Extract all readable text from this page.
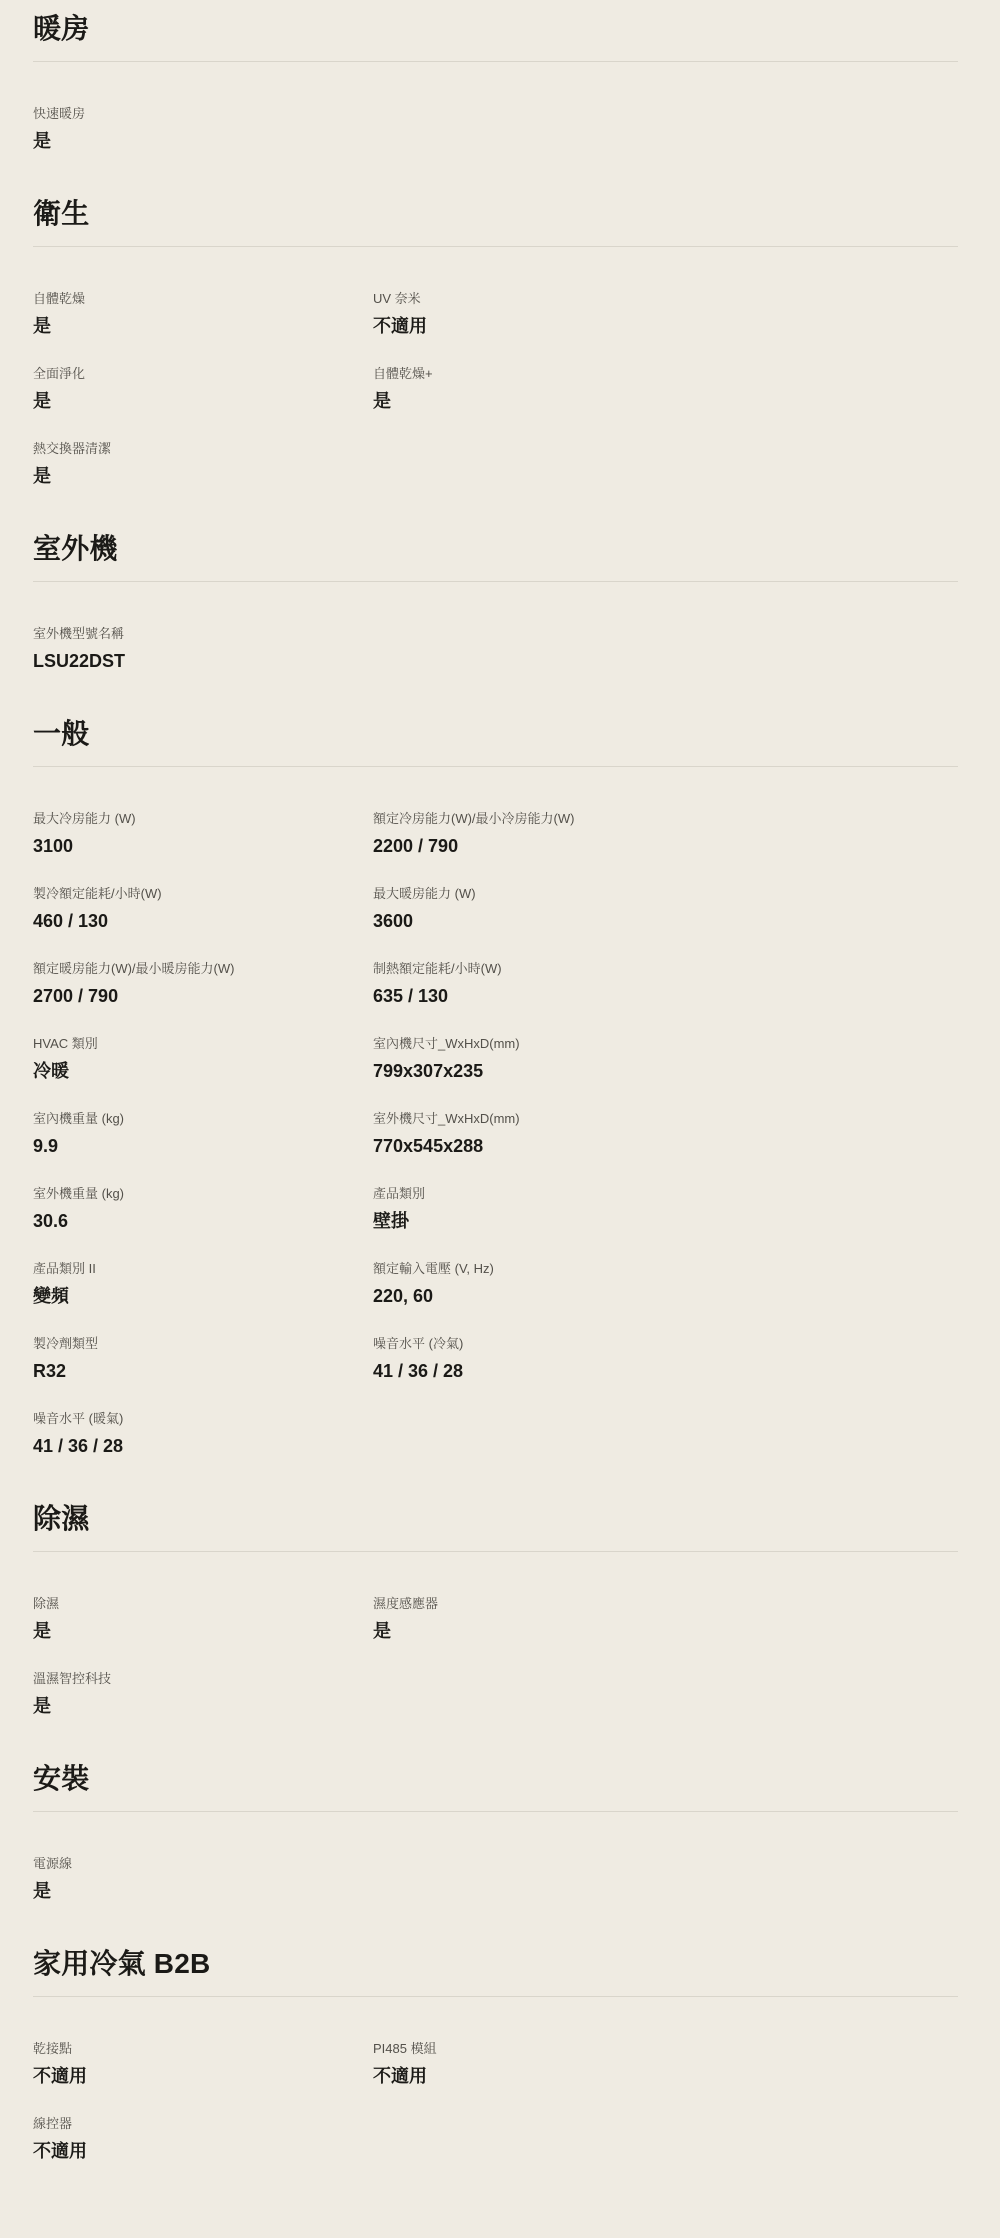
暖房

快速暖房

是

衛生

自體乾燥

是

UV 奈米

不適用

全面淨化

是

自體乾燥+

是

熱交換器清潔

是

室外機

室外機型號名稱

LSU22DST

一般

最大冷房能力 (W)

3100

額定冷房能力(W)/最小冷房能力(W)

2200 / 790

製冷額定能耗/小時(W)

460 / 130

最大暖房能力 (W)

3600

額定暖房能力(W)/最小暖房能力(W)

2700 / 790

制熱額定能耗/小時(W)

635 / 130

HVAC 類別

冷暖

室內機尺寸_WxHxD(mm)

799x307x235

室內機重量 (kg)

9.9

室外機尺寸_WxHxD(mm)

770x545x288

室外機重量 (kg)

30.6

產品類別

壁掛

產品類別 II

變頻

額定輸入電壓 (V, Hz)

220, 60

製冷劑類型

R32

噪音水平 (冷氣)

41 / 36 / 28

噪音水平 (暖氣)

41 / 36 / 28

除濕

除濕

是

濕度感應器

是

溫濕智控科技

是

安裝

電源線

是

家用冷氣 B2B

乾接點

不適用

PI485 模組

不適用

線控器

不適用
